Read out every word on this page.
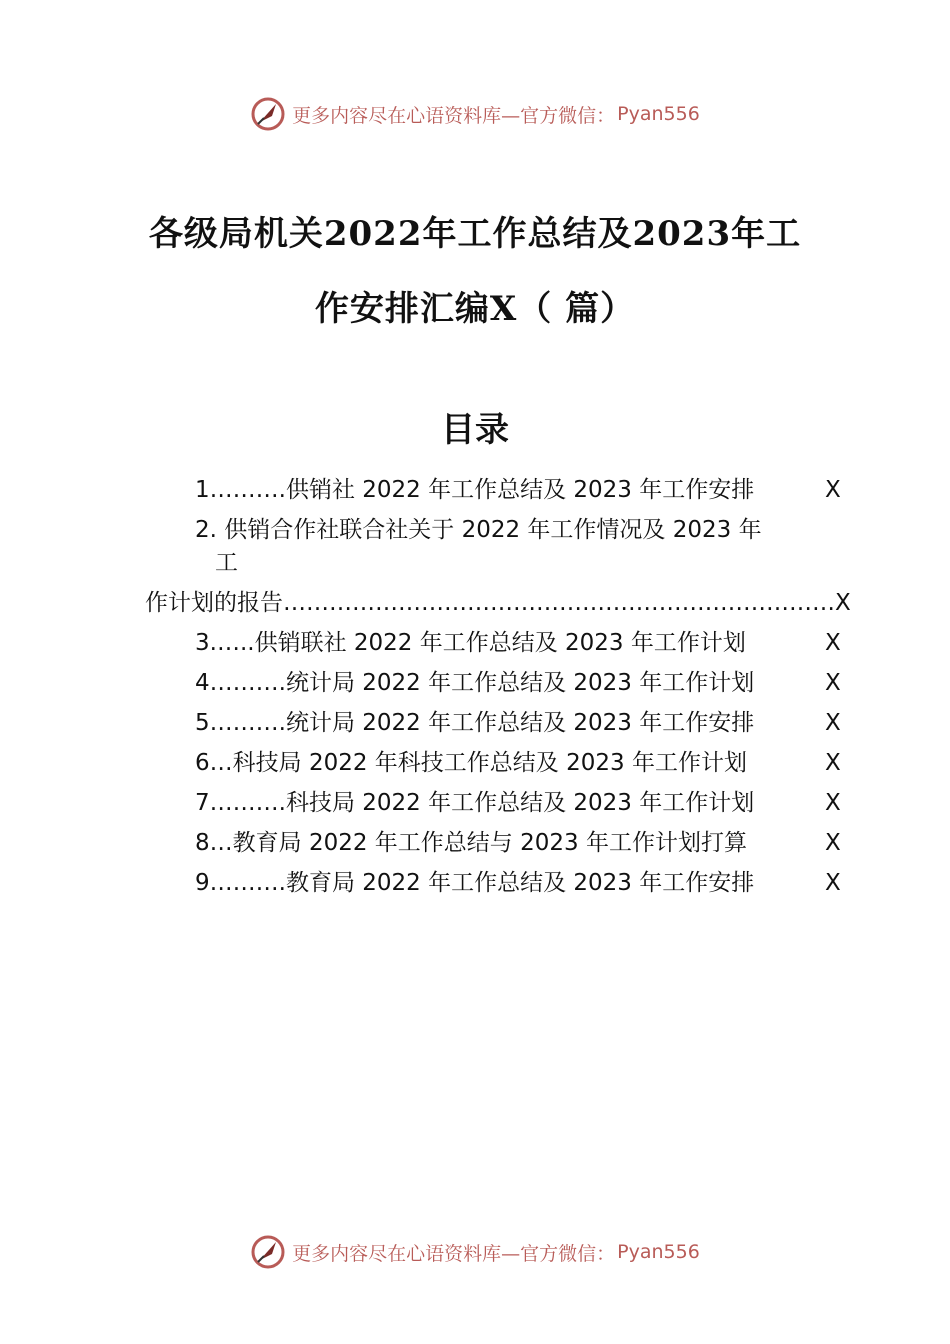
更多内容尽在心语资料库—官方微信： Pyan556
各级局机关2022年工作总结及2023年工
作安排汇编X（ 篇）
目录
1……….供销社 2022 年工作总结及 2023 年工作安排	X
2. 供销合作社联合社关于 2022 年工作情况及 2023 年
工
作计划的报告………………………………………………………………X
3.…..供销联社 2022 年工作总结及 2023 年工作计划	X
4……….统计局 2022 年工作总结及 2023 年工作计划	X
5……….统计局 2022 年工作总结及 2023 年工作安排	X
6…科技局 2022 年科技工作总结及 2023 年工作计划	X
7……….科技局 2022 年工作总结及 2023 年工作计划	X
8…教育局 2022 年工作总结与 2023 年工作计划打算	X
9……….教育局 2022 年工作总结及 2023 年工作安排	X
更多内容尽在心语资料库—官方微信： Pyan556
